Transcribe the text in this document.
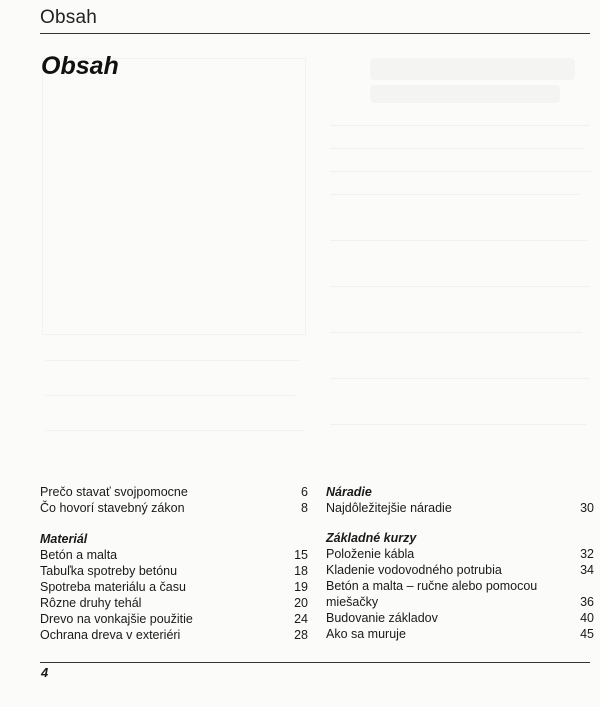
Obsah
Obsah
Prečo stavať svojpomocne	6
Čo hovorí stavebný zákon	8
Materiál
Betón a malta	15
Tabuľka spotreby betónu	18
Spotreba materiálu a času	19
Rôzne druhy tehál	20
Drevo na vonkajšie použitie	24
Ochrana dreva v exteriéri	28
Náradie
Najdôležitejšie náradie	30
Základné kurzy
Položenie kábla	32
Kladenie vodovodného potrubia	34
Betón a malta – ručne alebo pomocou miešačky	36
Budovanie základov	40
Ako sa muruje	45
4
